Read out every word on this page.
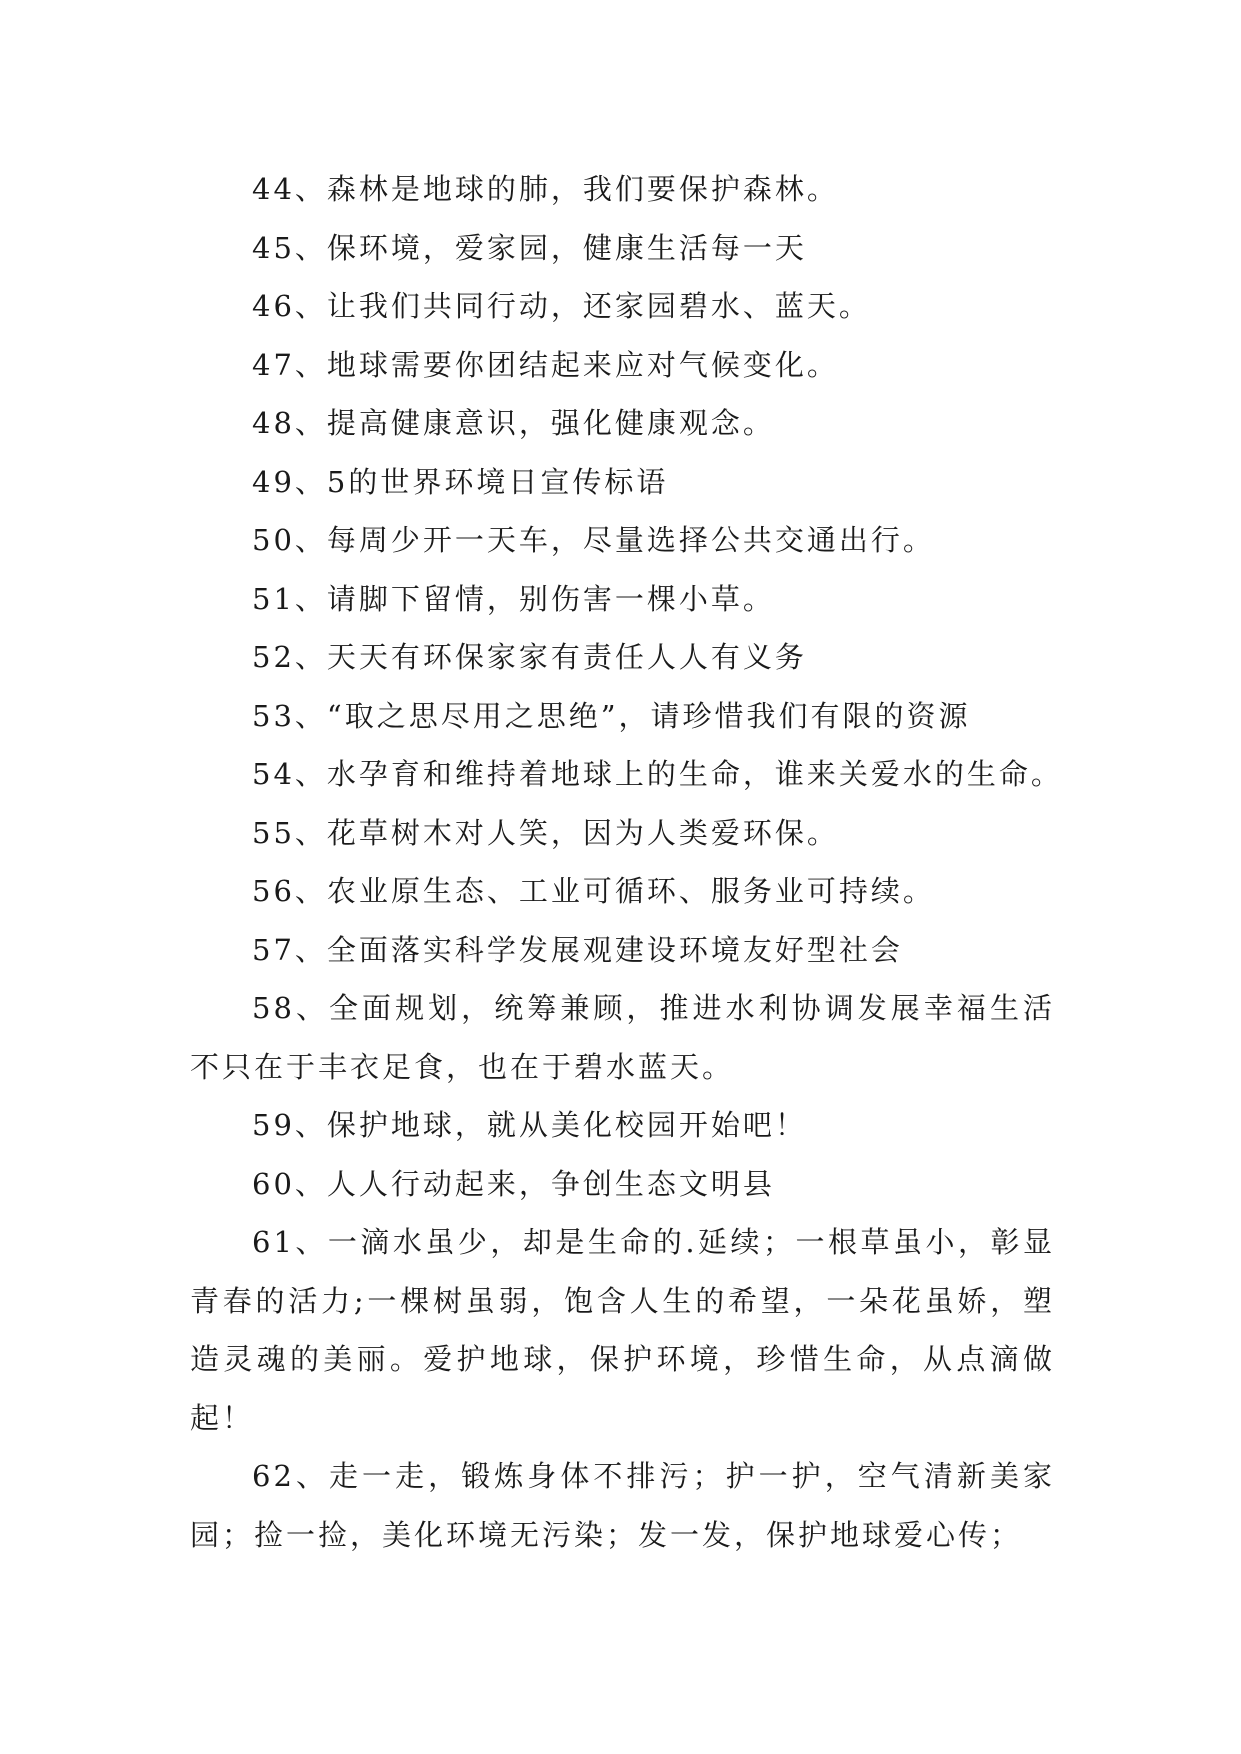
44、森林是地球的肺，我们要保护森林。

45、保环境，爱家园，健康生活每一天

46、让我们共同行动，还家园碧水、蓝天。

47、地球需要你团结起来应对气候变化。

48、提高健康意识，强化健康观念。

49、5的世界环境日宣传标语

50、每周少开一天车，尽量选择公共交通出行。

51、请脚下留情，别伤害一棵小草。

52、天天有环保家家有责任人人有义务

53、“取之思尽用之思绝”，请珍惜我们有限的资源

54、水孕育和维持着地球上的生命，谁来关爱水的生命。

55、花草树木对人笑，因为人类爱环保。

56、农业原生态、工业可循环、服务业可持续。

57、全面落实科学发展观建设环境友好型社会

58、全面规划，统筹兼顾，推进水利协调发展幸福生活不只在于丰衣足食，也在于碧水蓝天。

59、保护地球，就从美化校园开始吧！

60、人人行动起来，争创生态文明县

61、一滴水虽少，却是生命的.延续；一根草虽小，彰显青春的活力;一棵树虽弱，饱含人生的希望，一朵花虽娇，塑造灵魂的美丽。爱护地球，保护环境，珍惜生命，从点滴做起！

62、走一走，锻炼身体不排污；护一护，空气清新美家园；捡一捡，美化环境无污染；发一发，保护地球爱心传；
